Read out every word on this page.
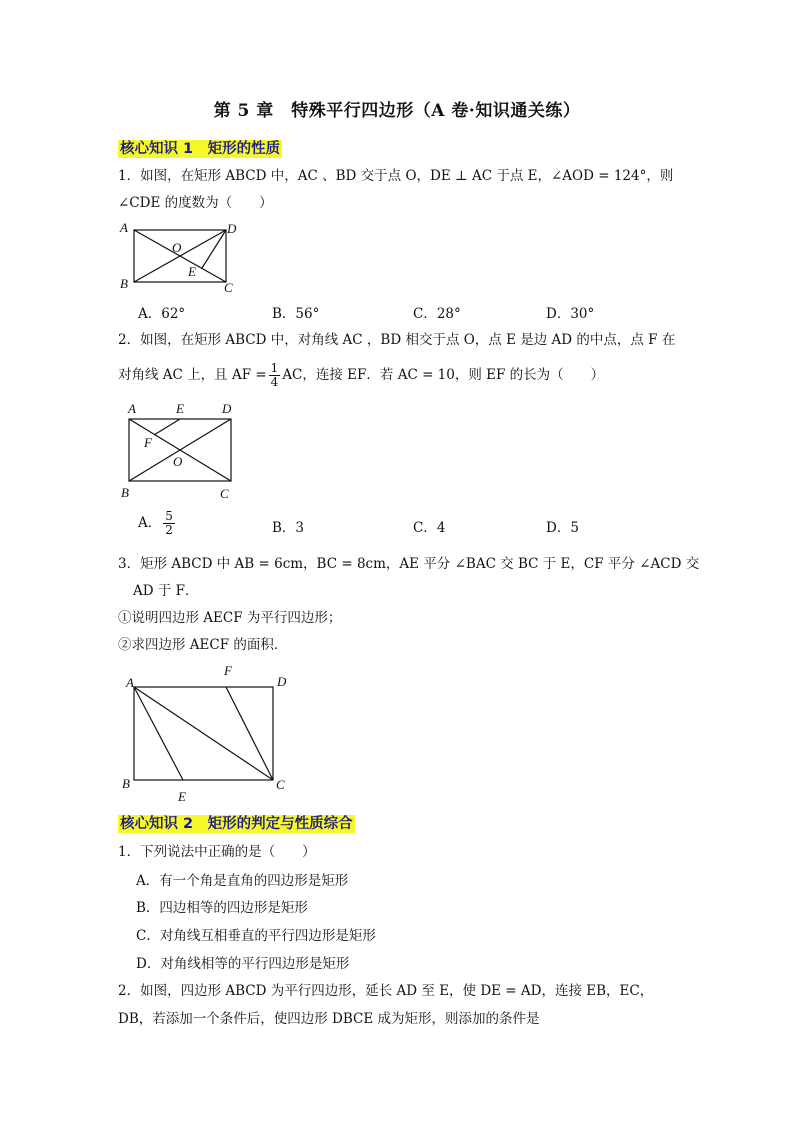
第 5 章　特殊平行四边形（A 卷·知识通关练）
核心知识 1　矩形的性质
1．如图，在矩形 ABCD 中，AC 、BD 交于点 O，DE ⊥ AC 于点 E，∠AOD = 124°，则
∠CDE 的度数为（　　）
A	D
O
E
B	C
A．62°	B．56°	C．28°	D．30°
2．如图，在矩形 ABCD 中，对角线 AC ，BD 相交于点 O，点 E 是边 AD 的中点，点 F 在
对角线 AC 上，且 AF = $\frac{1}{4}$ AC，连接 EF．若 AC = 10，则 EF 的长为（　　）
A	E	D
F
O
B	C
A． $\frac{5}{2}$	B．3	C．4	D．5
3．矩形 ABCD 中 AB = 6cm，BC = 8cm，AE 平分 ∠BAC 交 BC 于 E，CF 平分 ∠ACD 交
AD 于 F．
①说明四边形 AECF 为平行四边形；
②求四边形 AECF 的面积．
A
F
D
B	C
E
核心知识 2　矩形的判定与性质综合
1．下列说法中正确的是（　　）
A．有一个角是直角的四边形是矩形
B．四边相等的四边形是矩形
C．对角线互相垂直的平行四边形是矩形
D．对角线相等的平行四边形是矩形
2．如图，四边形 ABCD 为平行四边形，延长 AD 至 E，使 DE = AD，连接 EB，EC，
DB，若添加一个条件后，使四边形 DBCE 成为矩形，则添加的条件是
